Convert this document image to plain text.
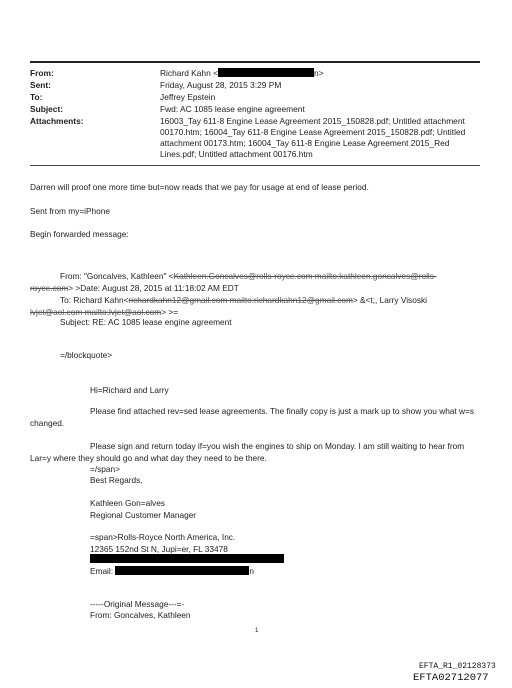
From:	Richard Kahn <	n>
Sent:	Friday, August 28, 2015 3:29 PM
To:	Jeffrey Epstein
Subject:	Fwd: AC 1085 lease engine agreement
Attachments:	16003_Tay 611-8 Engine Lease Agreement 2015_150828.pdf; Untitled attachment 00170.htm; 16004_Tay 611-8 Engine Lease Agreement 2015_150828.pdf; Untitled attachment 00173.htm; 16004_Tay 611-8 Engine Lease Agreement 2015_Red Lines.pdf; Untitled attachment 00176.htm
Darren will proof one more time but=now reads that we pay for usage at end of lease period.
Sent from my=iPhone
Begin forwarded message:
From: "Goncalves, Kathleen" <Kathleen.Goncalves@rolls-royce.com mailto:kathleen.goncalves@rolls-
royce.com> >Date: August 28, 2015 at 11:18:02 AM EDT
To: Richard Kahn<richardkahn12@gmail.com mailto:richardkahn12@gmail.com> &<t;, Larry Visoski
lvjet@aol.com mailto:lvjet@aol.com> >=
Subject: RE: AC 1085 lease engine agreement
=/blockquote>
Hi=Richard and Larry
Please find attached rev=sed lease agreements. The finally copy is just a mark up to show you what w=s
changed.
Please sign and return today if=you wish the engines to ship on Monday. I am still waiting to hear from
Lar=y where they should go and what day they need to be there.
=/span>
Best Regards,
Kathleen Gon=alves
Regional Customer Manager
=span>Rolls-Royce North America, Inc.
12365 152nd St N, Jupi=er, FL 33478
Email:	n
-----Original Message---=-
From: Goncalves, Kathleen
1
EFTA_R1_02128373
EFTA02712077
